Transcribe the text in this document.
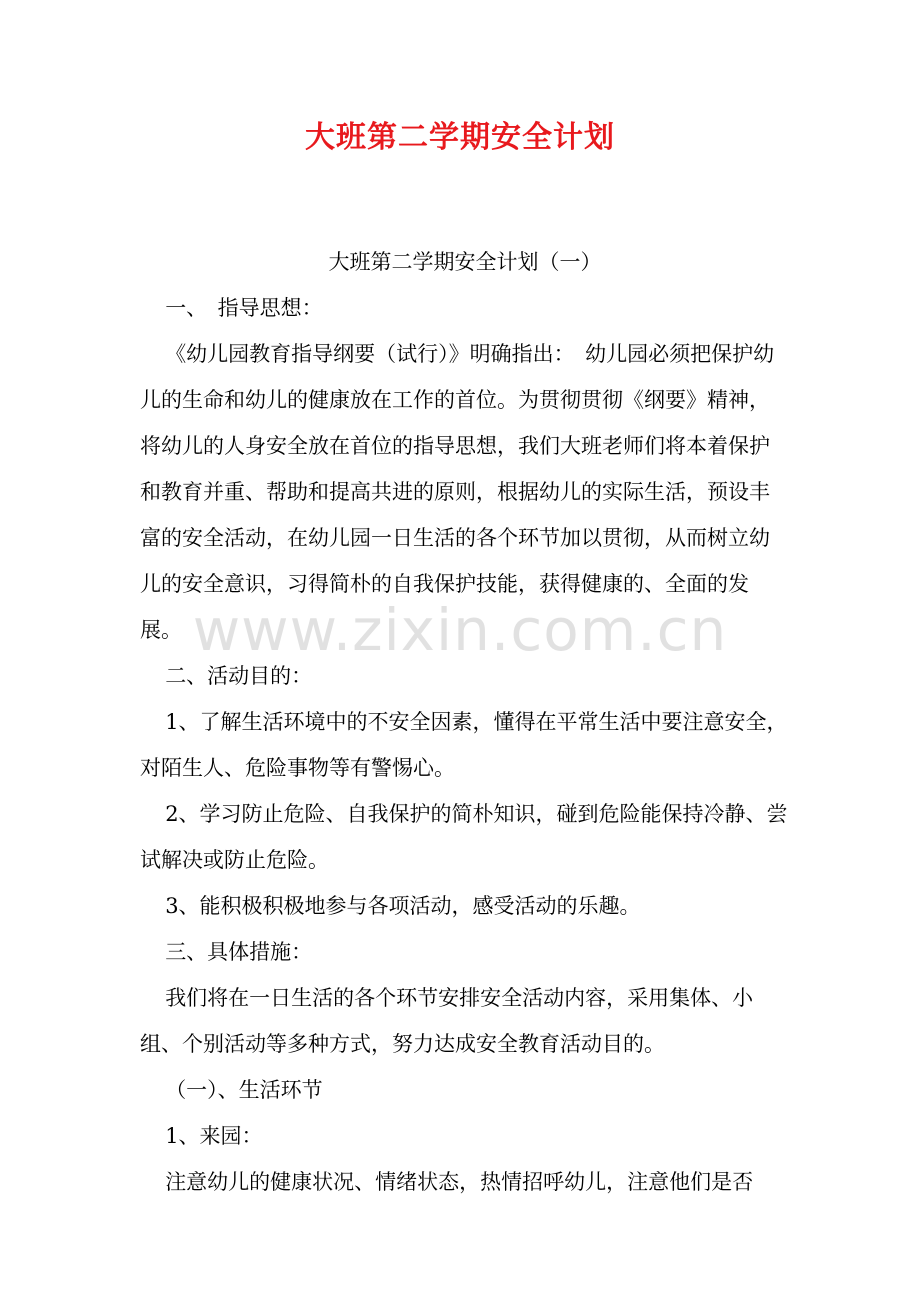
大班第二学期安全计划
www.zixin.com.cn
大班第二学期安全计划（一）

一、　指导思想：

《幼儿园教育指导纲要（试行）》明确指出：　幼儿园必须把保护幼儿的生命和幼儿的健康放在工作的首位。为贯彻贯彻《纲要》精神，将幼儿的人身安全放在首位的指导思想，我们大班老师们将本着保护和教育并重、帮助和提高共进的原则，根据幼儿的实际生活，预设丰富的安全活动，在幼儿园一日生活的各个环节加以贯彻，从而树立幼儿的安全意识，习得简朴的自我保护技能，获得健康的、全面的发展。

二、活动目的：

1、了解生活环境中的不安全因素，懂得在平常生活中要注意安全，对陌生人、危险事物等有警惕心。

2、学习防止危险、自我保护的简朴知识，碰到危险能保持冷静、尝试解决或防止危险。

3、能积极积极地参与各项活动，感受活动的乐趣。

三、具体措施：

我们将在一日生活的各个环节安排安全活动内容，采用集体、小组、个别活动等多种方式，努力达成安全教育活动目的。

（一）、生活环节

1、来园：

注意幼儿的健康状况、情绪状态，热情招呼幼儿，注意他们是否
